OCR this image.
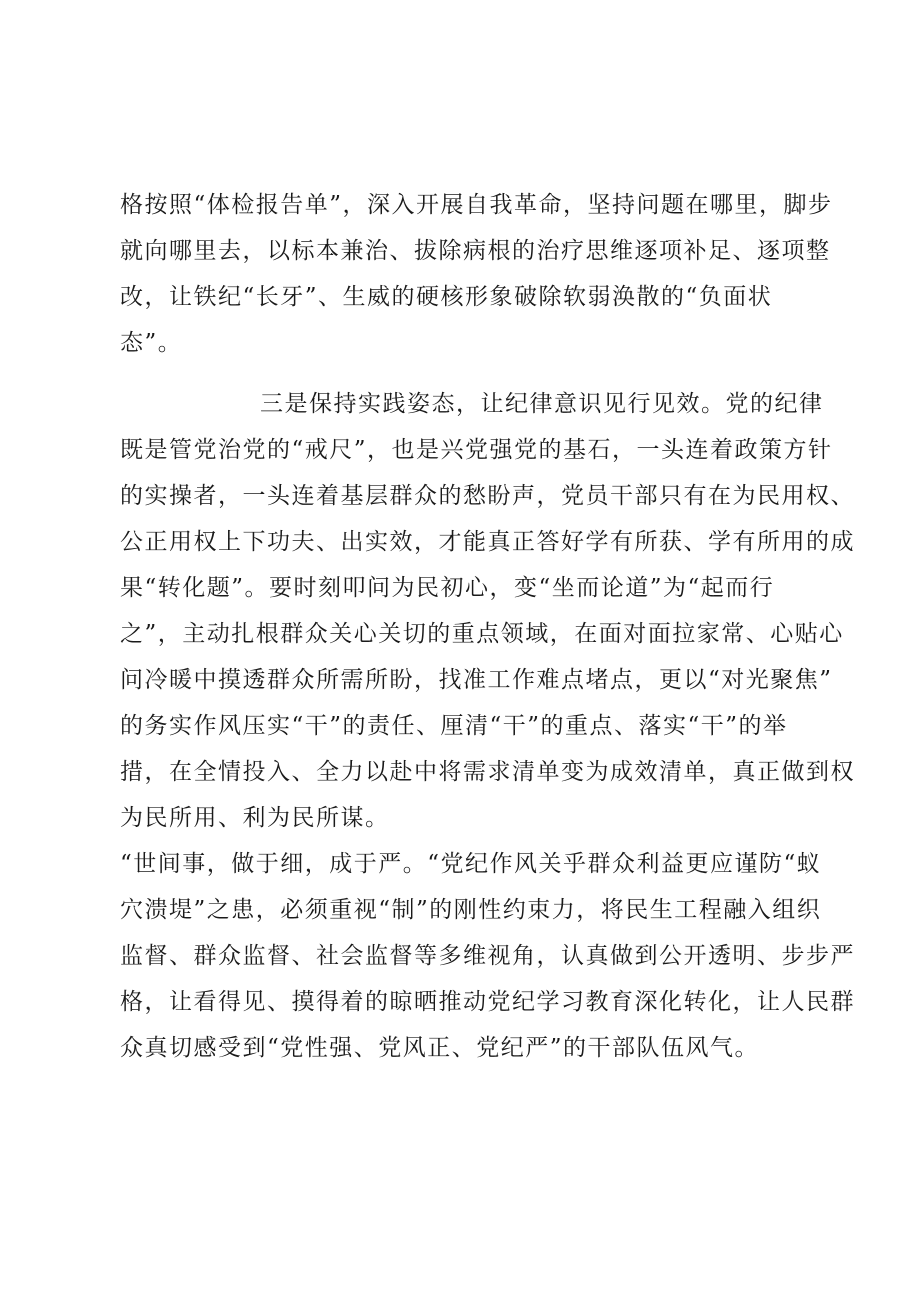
格按照“体检报告单”，深入开展自我革命，坚持问题在哪里，脚步
就向哪里去，以标本兼治、拔除病根的治疗思维逐项补足、逐项整
改，让铁纪“长牙”、生威的硬核形象破除软弱涣散的“负面状
态”。
三是保持实践姿态，让纪律意识见行见效。党的纪律
既是管党治党的“戒尺”，也是兴党强党的基石，一头连着政策方针
的实操者，一头连着基层群众的愁盼声，党员干部只有在为民用权、
公正用权上下功夫、出实效，才能真正答好学有所获、学有所用的成
果“转化题”。要时刻叩问为民初心，变“坐而论道”为“起而行
之”，主动扎根群众关心关切的重点领域，在面对面拉家常、心贴心
问冷暖中摸透群众所需所盼，找准工作难点堵点，更以“对光聚焦”
的务实作风压实“干”的责任、厘清“干”的重点、落实“干”的举
措，在全情投入、全力以赴中将需求清单变为成效清单，真正做到权
为民所用、利为民所谋。
“世间事，做于细，成于严。“党纪作风关乎群众利益更应谨防“蚁
穴溃堤”之患，必须重视“制”的刚性约束力，将民生工程融入组织
监督、群众监督、社会监督等多维视角，认真做到公开透明、步步严
格，让看得见、摸得着的晾晒推动党纪学习教育深化转化，让人民群
众真切感受到“党性强、党风正、党纪严”的干部队伍风气。
